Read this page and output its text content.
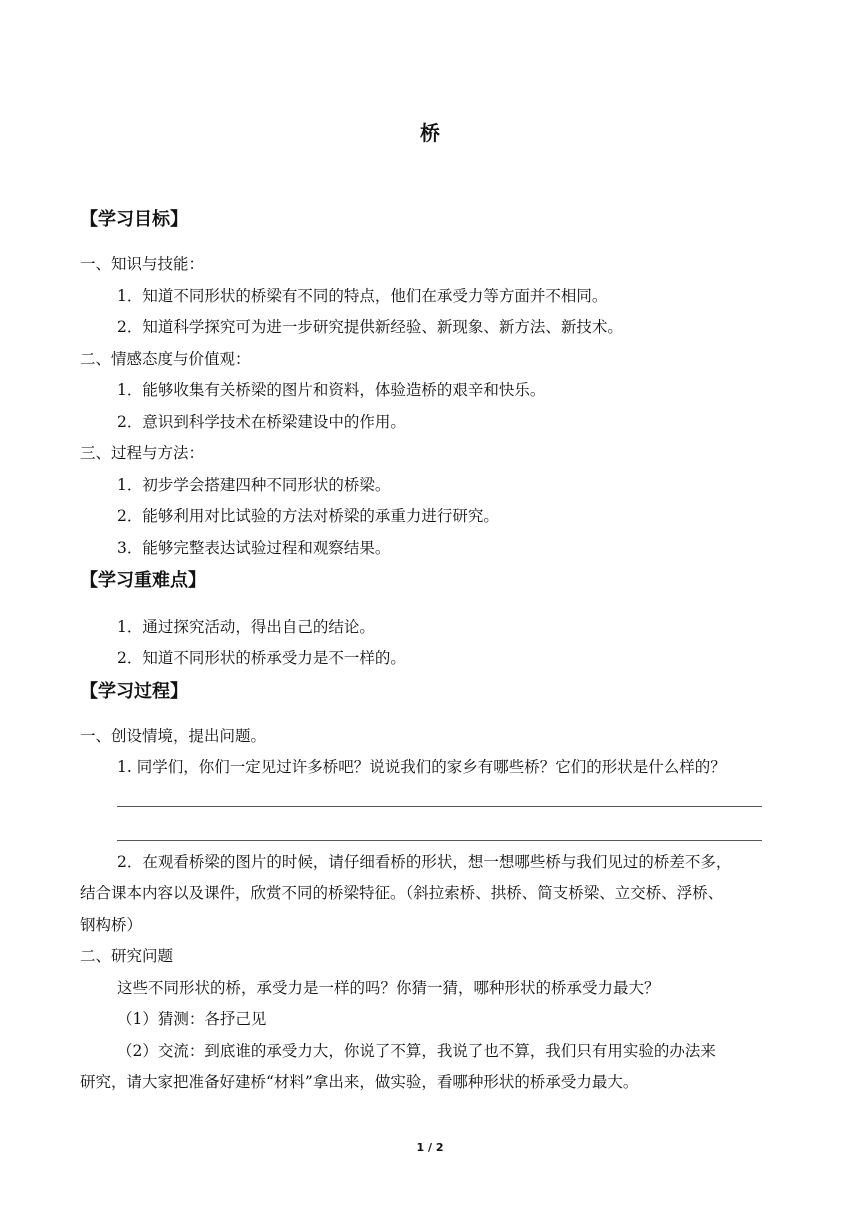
桥
【学习目标】
一、知识与技能：
1．知道不同形状的桥梁有不同的特点，他们在承受力等方面并不相同。
2．知道科学探究可为进一步研究提供新经验、新现象、新方法、新技术。
二、情感态度与价值观：
1．能够收集有关桥梁的图片和资料，体验造桥的艰辛和快乐。
2．意识到科学技术在桥梁建设中的作用。
三、过程与方法：
1．初步学会搭建四种不同形状的桥梁。
2．能够利用对比试验的方法对桥梁的承重力进行研究。
3．能够完整表达试验过程和观察结果。
【学习重难点】
1．通过探究活动，得出自己的结论。
2．知道不同形状的桥承受力是不一样的。
【学习过程】
一、创设情境，提出问题。
1. 同学们，你们一定见过许多桥吧？说说我们的家乡有哪些桥？它们的形状是什么样的？
2．在观看桥梁的图片的时候，请仔细看桥的形状，想一想哪些桥与我们见过的桥差不多，
结合课本内容以及课件，欣赏不同的桥梁特征。（斜拉索桥、拱桥、简支桥梁、立交桥、浮桥、
钢构桥）
二、研究问题
这些不同形状的桥，承受力是一样的吗？你猜一猜，哪种形状的桥承受力最大？
（1）猜测：各抒己见
（2）交流：到底谁的承受力大，你说了不算，我说了也不算，我们只有用实验的办法来
研究，请大家把准备好建桥“材料”拿出来，做实验，看哪种形状的桥承受力最大。
1 / 2
